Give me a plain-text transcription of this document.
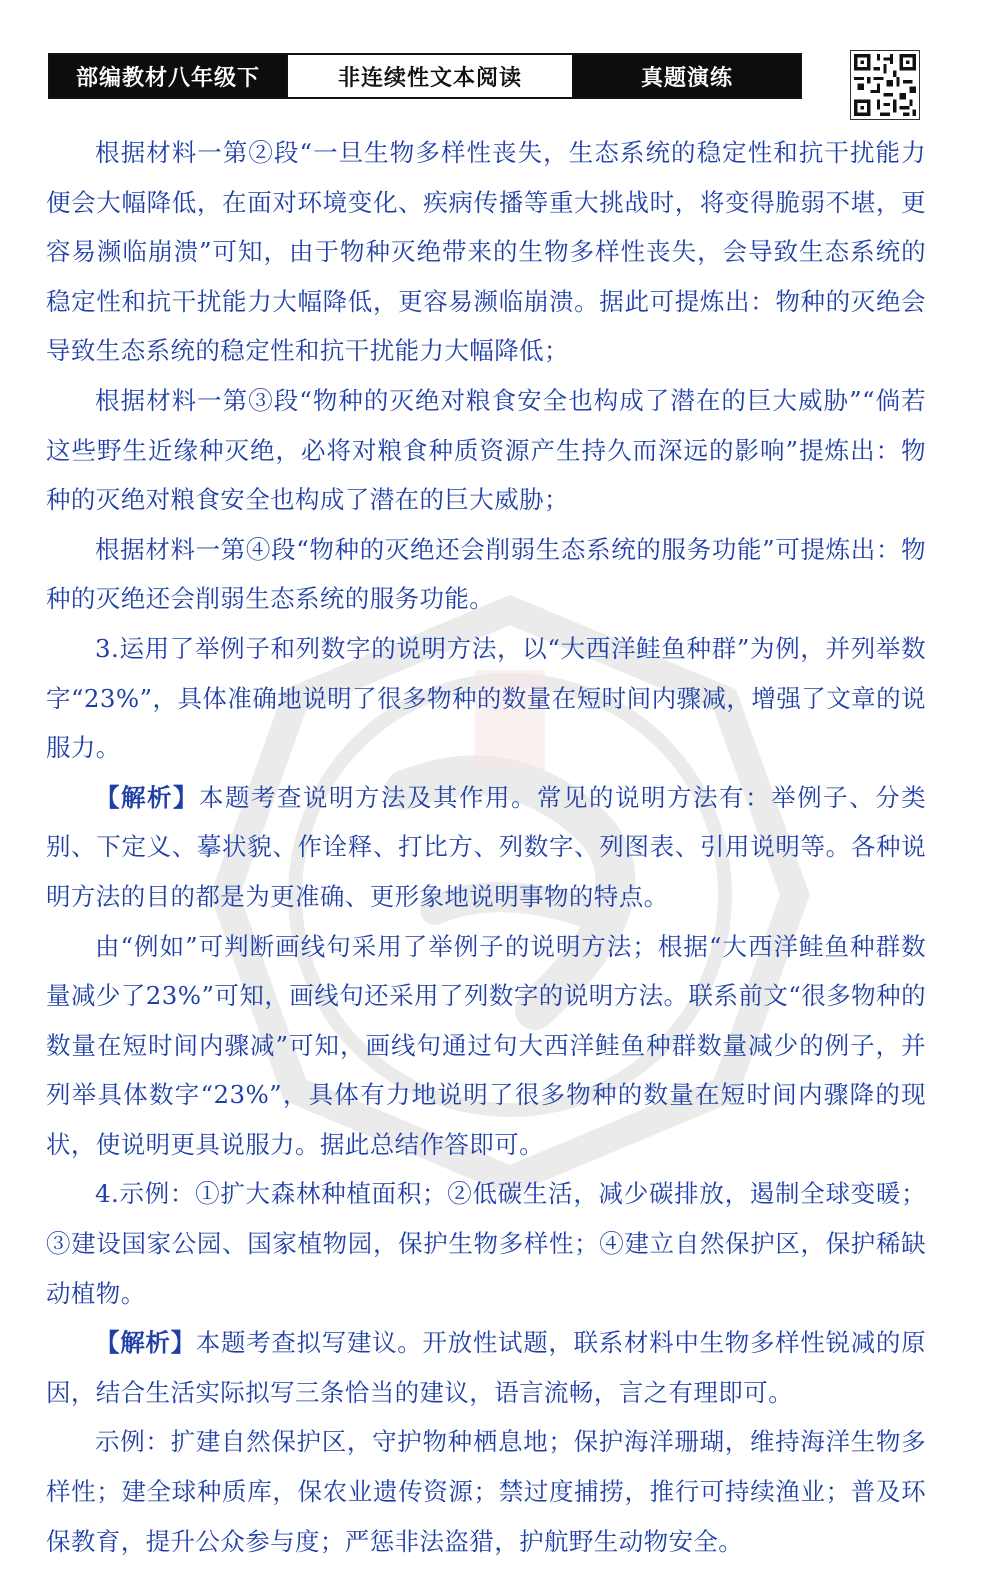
部编教材八年级下	非连续性文本阅读	真题演练

根据材料一第②段“一旦生物多样性丧失，生态系统的稳定性和抗干扰能力便会大幅降低，在面对环境变化、疾病传播等重大挑战时，将变得脆弱不堪，更容易濒临崩溃”可知，由于物种灭绝带来的生物多样性丧失，会导致生态系统的稳定性和抗干扰能力大幅降低，更容易濒临崩溃。据此可提炼出：物种的灭绝会导致生态系统的稳定性和抗干扰能力大幅降低；

根据材料一第③段“物种的灭绝对粮食安全也构成了潜在的巨大威胁”“倘若这些野生近缘种灭绝，必将对粮食种质资源产生持久而深远的影响”提炼出：物种的灭绝对粮食安全也构成了潜在的巨大威胁；

根据材料一第④段“物种的灭绝还会削弱生态系统的服务功能”可提炼出：物种的灭绝还会削弱生态系统的服务功能。

3.运用了举例子和列数字的说明方法，以“大西洋鲑鱼种群”为例，并列举数字“23%”，具体准确地说明了很多物种的数量在短时间内骤减，增强了文章的说服力。

【解析】本题考查说明方法及其作用。常见的说明方法有：举例子、分类别、下定义、摹状貌、作诠释、打比方、列数字、列图表、引用说明等。各种说明方法的目的都是为更准确、更形象地说明事物的特点。

由“例如”可判断画线句采用了举例子的说明方法；根据“大西洋鲑鱼种群数量减少了23%”可知，画线句还采用了列数字的说明方法。联系前文“很多物种的数量在短时间内骤减”可知，画线句通过句大西洋鲑鱼种群数量减少的例子，并列举具体数字“23%”，具体有力地说明了很多物种的数量在短时间内骤降的现状，使说明更具说服力。据此总结作答即可。

4.示例：①扩大森林种植面积；②低碳生活，减少碳排放，遏制全球变暖；③建设国家公园、国家植物园，保护生物多样性；④建立自然保护区，保护稀缺动植物。

【解析】本题考查拟写建议。开放性试题，联系材料中生物多样性锐减的原因，结合生活实际拟写三条恰当的建议，语言流畅，言之有理即可。

示例：扩建自然保护区，守护物种栖息地；保护海洋珊瑚，维持海洋生物多样性；建全球种质库，保农业遗传资源；禁过度捕捞，推行可持续渔业；普及环保教育，提升公众参与度；严惩非法盗猎，护航野生动物安全。
